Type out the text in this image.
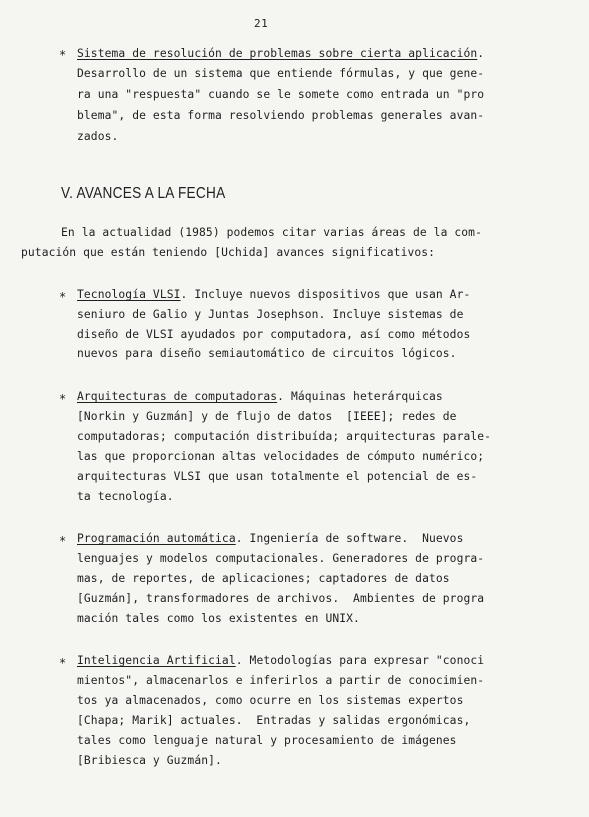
21
* Sistema de resolución de problemas sobre cierta aplicación.
Desarrollo de un sistema que entiende fórmulas, y que gene-
ra una "respuesta" cuando se le somete como entrada un "pro
blema", de esta forma resolviendo problemas generales avan-
zados.
V. AVANCES A LA FECHA
En la actualidad (1985) podemos citar varias áreas de la com-
putación que están teniendo [Uchida] avances significativos:
* Tecnología VLSI. Incluye nuevos dispositivos que usan Ar-
seniuro de Galio y Juntas Josephson. Incluye sistemas de
diseño de VLSI ayudados por computadora, así como métodos
nuevos para diseño semiautomático de circuitos lógicos.
* Arquitecturas de computadoras. Máquinas heterárquicas
[Norkin y Guzmán] y de flujo de datos  [IEEE]; redes de
computadoras; computación distribuída; arquitecturas parale-
las que proporcionan altas velocidades de cómputo numérico;
arquitecturas VLSI que usan totalmente el potencial de es-
ta tecnología.
* Programación automática. Ingeniería de software.  Nuevos
lenguajes y modelos computacionales. Generadores de progra-
mas, de reportes, de aplicaciones; captadores de datos
[Guzmán], transformadores de archivos.  Ambientes de progra
mación tales como los existentes en UNIX.
* Inteligencia Artificial. Metodologías para expresar "conoci
mientos", almacenarlos e inferirlos a partir de conocimien-
tos ya almacenados, como ocurre en los sistemas expertos
[Chapa; Marik] actuales.  Entradas y salidas ergonómicas,
tales como lenguaje natural y procesamiento de imágenes
[Bribiesca y Guzmán].
